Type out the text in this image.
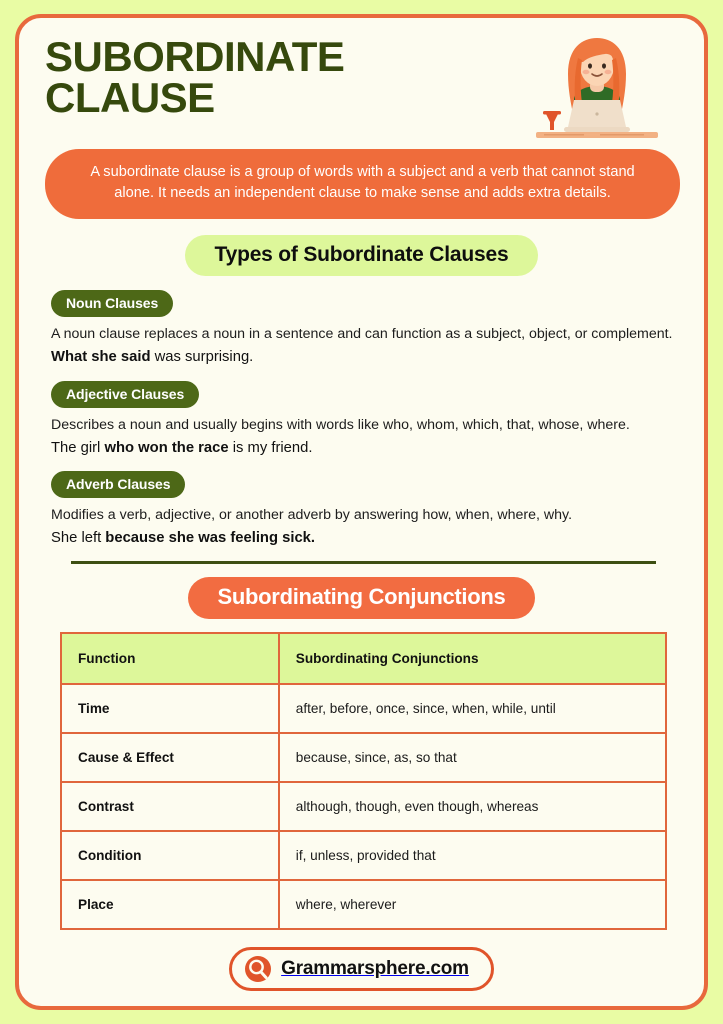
SUBORDINATE
CLAUSE
A subordinate clause is a group of words with a subject and a verb that cannot stand alone. It needs an independent clause to make sense and adds extra details.
Types of Subordinate Clauses
Noun Clauses
A noun clause replaces a noun in a sentence and can function as a subject, object, or complement.
What she said was surprising.
Adjective Clauses
Describes a noun and usually begins with words like who, whom, which, that, whose, where.
The girl who won the race is my friend.
Adverb Clauses
Modifies a verb, adjective, or another adverb by answering how, when, where, why.
She left because she was feeling sick.
Subordinating Conjunctions
Function	Subordinating Conjunctions
Time	after, before, once, since, when, while, until
Cause & Effect	because, since, as, so that
Contrast	although, though, even though, whereas
Condition	if, unless, provided that
Place	where, wherever
Grammarsphere.com
